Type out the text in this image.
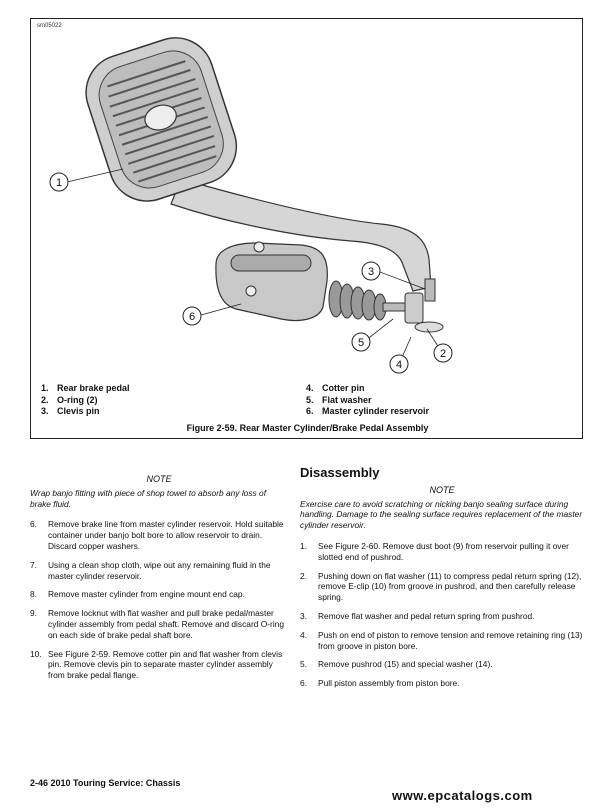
sm05022
1
2
3
4
5
6
1. Rear brake pedal
2. O-ring (2)
3. Clevis pin
4. Cotter pin
5. Flat washer
6. Master cylinder reservoir
Figure 2-59. Rear Master Cylinder/Brake Pedal Assembly
NOTE
Wrap banjo fitting with piece of shop towel to absorb any loss of brake fluid.
6.	Remove brake line from master cylinder reservoir. Hold suitable container under banjo bolt bore to allow reservoir to drain. Discard copper washers.
7.	Using a clean shop cloth, wipe out any remaining fluid in the master cylinder reservoir.
8.	Remove master cylinder from engine mount end cap.
9.	Remove locknut with flat washer and pull brake pedal/master cylinder assembly from pedal shaft. Remove and discard O-ring on each side of brake pedal shaft bore.
10. See Figure 2-59. Remove cotter pin and flat washer from clevis pin. Remove clevis pin to separate master cylinder assembly from brake pedal flange.
Disassembly
NOTE
Exercise care to avoid scratching or nicking banjo sealing surface during handling. Damage to the sealing surface requires replacement of the master cylinder reservoir.
1.	See Figure 2-60. Remove dust boot (9) from reservoir pulling it over slotted end of pushrod.
2.	Pushing down on flat washer (11) to compress pedal return spring (12), remove E-clip (10) from groove in pushrod, and then carefully release spring.
3.	Remove flat washer and pedal return spring from pushrod.
4.	Push on end of piston to remove tension and remove retaining ring (13) from groove in piston bore.
5.	Remove pushrod (15) and special washer (14).
6.	Pull piston assembly from piston bore.
2-46 2010 Touring Service: Chassis
www.epcatalogs.com
